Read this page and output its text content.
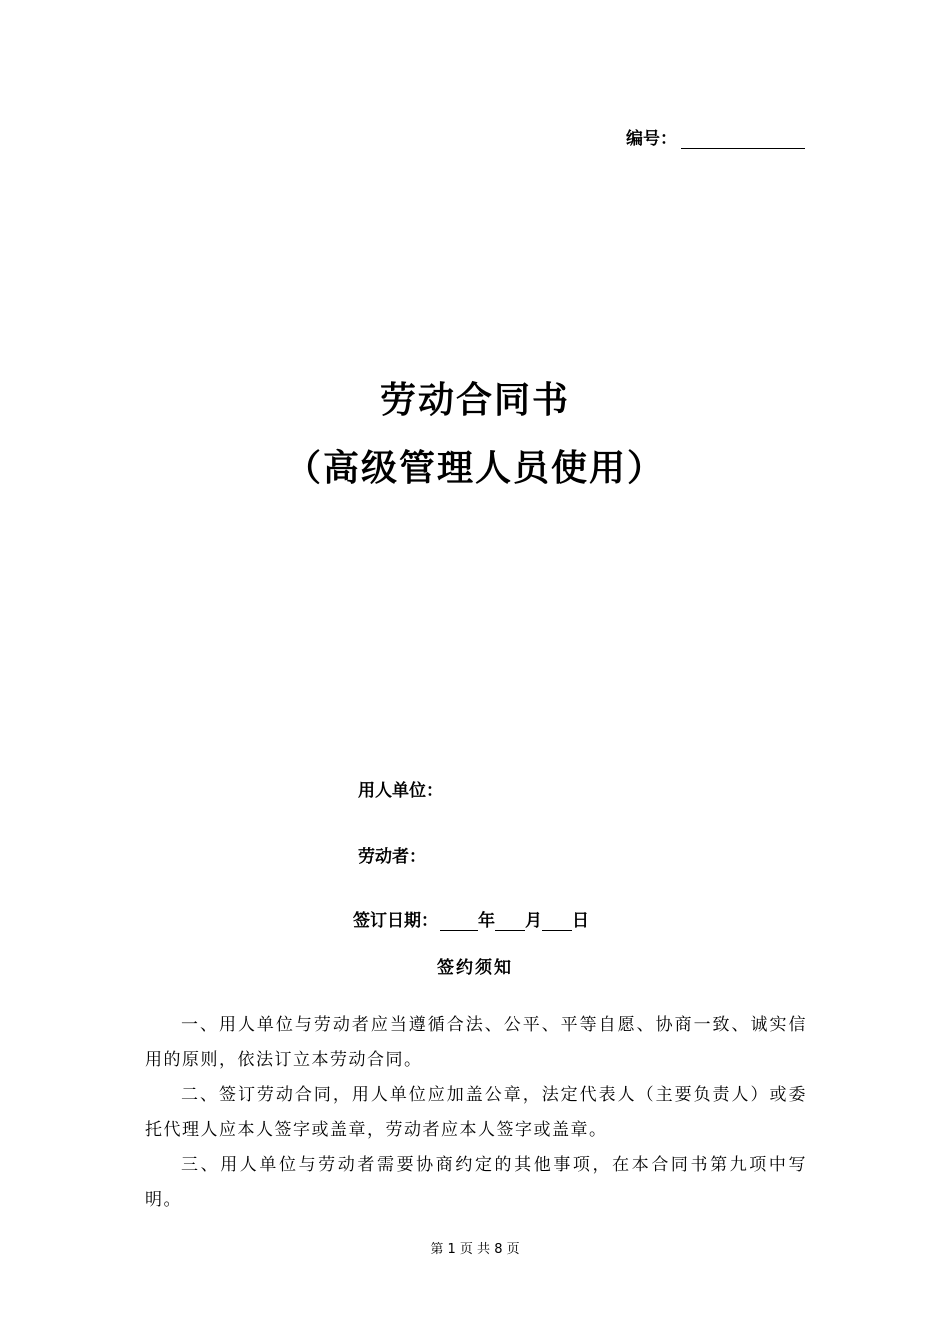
编号：
劳动合同书
（高级管理人员使用）
用人单位：
劳动者：
签订日期： 年 月 日
签约须知
一、用人单位与劳动者应当遵循合法、公平、平等自愿、协商一致、诚实信用的原则，依法订立本劳动合同。
二、签订劳动合同，用人单位应加盖公章，法定代表人（主要负责人）或委托代理人应本人签字或盖章，劳动者应本人签字或盖章。
三、用人单位与劳动者需要协商约定的其他事项，在本合同书第九项中写明。
第 1 页 共 8 页
